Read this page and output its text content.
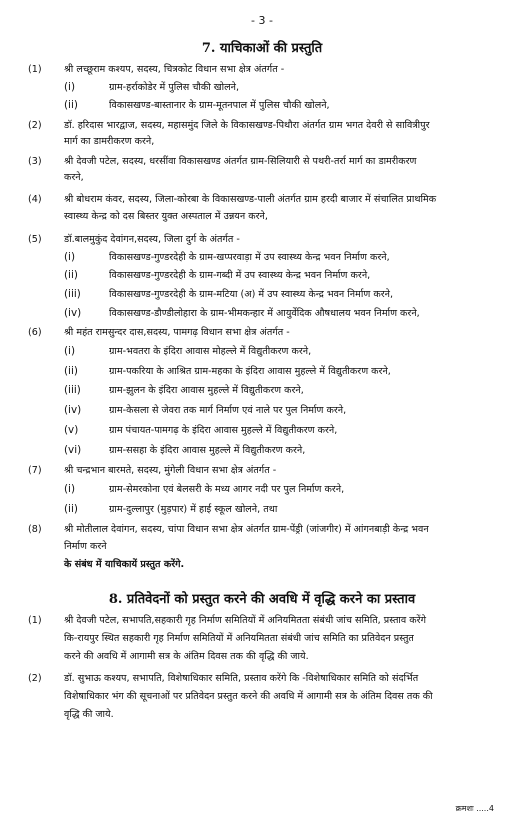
- 3 -
7. याचिकाओं की प्रस्तुति
(1) श्री लच्छूराम कश्यप, सदस्य, चित्रकोट विधान सभा क्षेत्र अंतर्गत -
(i)	ग्राम-हर्राकोडेर में पुलिस चौकी खोलने,
(ii)	विकासखण्ड-बास्तानार के ग्राम-मूतनपाल में पुलिस चौकी खोलने,
(2) डॉ. हरिदास भारद्वाज, सदस्य, महासमुंद जिले के विकासखण्ड-पिथौरा अंतर्गत ग्राम भगत देवरी से सावित्रीपुर
मार्ग का डामरीकरण करने,
(3) श्री देवजी पटेल, सदस्य, धरसींवा विकासखण्ड अंतर्गत ग्राम-सिलियारी से पथरी-तर्रा मार्ग का डामरीकरण
करने,
(4) श्री बोधराम कंवर, सदस्य, जिला-कोरबा के विकासखण्ड-पाली अंतर्गत ग्राम हरदी बाजार में संचालित प्राथमिक
स्वास्थ्य केन्द्र को दस बिस्तर युक्त अस्पताल में उन्नयन करने,
(5) डॉ.बालमुकुंद देवांगन,सदस्य, जिला दुर्ग के अंतर्गत -
(i)	विकासखण्ड-गुण्डरदेही के ग्राम-खप्परवाड़ा में उप स्वास्थ्य केन्द्र भवन निर्माण करने,
(ii)	विकासखण्ड-गुण्डरदेही के ग्राम-गब्दी में उप स्वास्थ्य केन्द्र भवन निर्माण करने,
(iii)	विकासखण्ड-गुण्डरदेही के ग्राम-मटिया (अ) में उप स्वास्थ्य केन्द्र भवन निर्माण करने,
(iv)	विकासखण्ड-डौण्डीलोहारा के ग्राम-भीमकन्हार में आयुर्वेदिक औषधालय भवन निर्माण करने,
(6) श्री महंत रामसुन्दर दास,सदस्य, पामगढ़ विधान सभा क्षेत्र अंतर्गत -
(i)	ग्राम-भवतरा के इंदिरा आवास मोहल्ले में विद्युतीकरण करने,
(ii)	ग्राम-पकरिया के आश्रित ग्राम-महका के इंदिरा आवास मुहल्ले में विद्युतीकरण करने,
(iii)	ग्राम-झुलन के इंदिरा आवास मुहल्ले में विद्युतीकरण करने,
(iv)	ग्राम-केसला से जेवरा तक मार्ग निर्माण एवं नाले पर पुल निर्माण करने,
(v)	ग्राम पंचायत-पामगढ़ के इंदिरा आवास मुहल्ले में विद्युतीकरण करने,
(vi)	ग्राम-ससहा के इंदिरा आवास मुहल्ले में विद्युतीकरण करने,
(7) श्री चन्द्रभान बारमते, सदस्य, मुंगेली विधान सभा क्षेत्र अंतर्गत -
(i)	ग्राम-सेमरकोना एवं बेलसरी के मध्य आगर नदी पर पुल निर्माण करने,
(ii)	ग्राम-दुल्लापुर (मुड़पार) में हाई स्कूल खोलने, तथा
(8) श्री मोतीलाल देवांगन, सदस्य, चांपा विधान सभा क्षेत्र अंतर्गत ग्राम-पेंड्री (जांजगीर) में आंगनबाड़ी केन्द्र भवन
निर्माण करने
के संबंध में याचिकायें प्रस्तुत करेंगे.
8. प्रतिवेदनों को प्रस्तुत करने की अवधि में वृद्धि करने का प्रस्ताव
(1) श्री देवजी पटेल, सभापति,सहकारी गृह निर्माण समितियों में अनियमितता संबंधी जांच समिति, प्रस्ताव करेंगे
कि-रायपुर स्थित सहकारी गृह निर्माण समितियों में अनियमितता संबंधी जांच समिति का प्रतिवेदन प्रस्तुत
करने की अवधि में आगामी सत्र के अंतिम दिवस तक की वृद्धि की जाये.
(2) डॉ. सुभाऊ कश्यप, सभापति, विशेषाधिकार समिति, प्रस्ताव करेंगे कि -विशेषाधिकार समिति को संदर्भित
विशेषाधिकार भंग की सूचनाओं पर प्रतिवेदन प्रस्तुत करने की अवधि में आगामी सत्र के अंतिम दिवस तक की
वृद्धि की जाये.
क्रमशः .....4
